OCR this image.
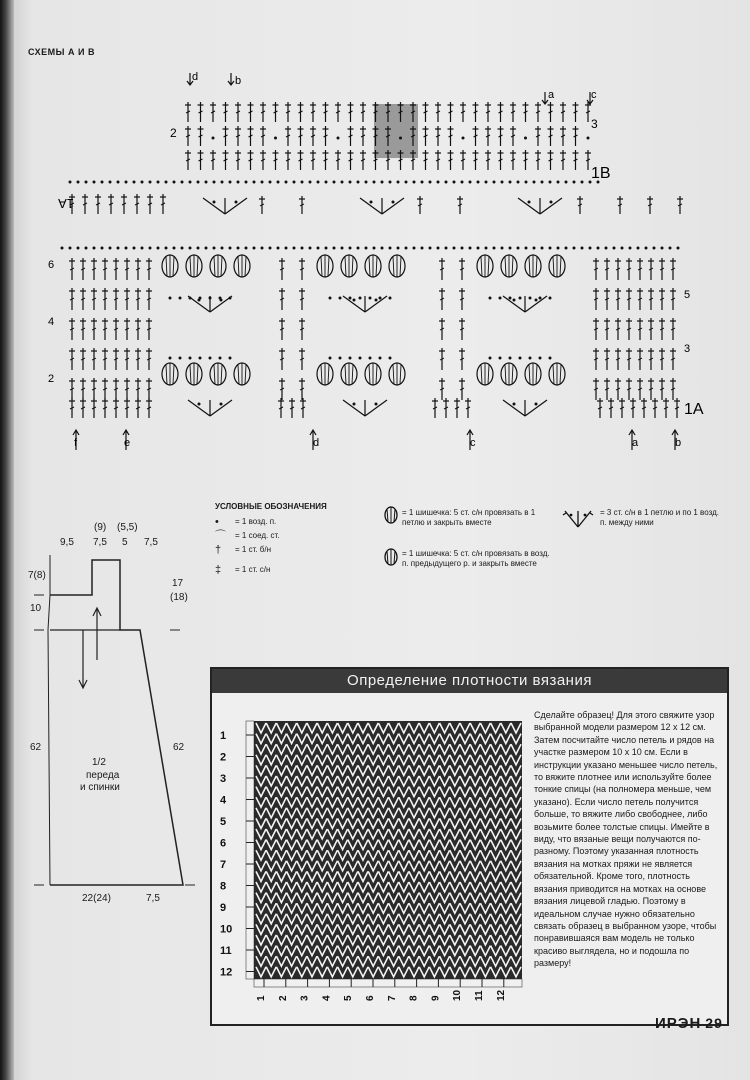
СХЕМЫ А И В
d	b
a	c
2
3
1B
1A
6
4
2
5
3
1A
f	e	d	c	a	b
УСЛОВНЫЕ ОБОЗНАЧЕНИЯ
• = 1 возд. п.
⌒ = 1 соед. ст.
† = 1 ст. б/н
‡ = 1 ст. с/н
= 1 шишечка: 5 ст. с/н провязать в 1 петлю и закрыть вместе
= 1 шишечка: 5 ст. с/н провязать в возд. п. предыдущего р. и закрыть вместе
= 3 ст. с/н в 1 петлю и по 1 возд. п. между ними
(9) (5,5)
9,5 7,5 5 7,5
7(8)
10
62
17
(18)
62
22(24)	7,5
1/2
переда
и спинки
Определение плотности вязания
1
2
3
4
5
6
7
8
9
10
11
12
1 2 3 4 5 6 7 8 9 10 11 12
Сделайте образец! Для этого свяжите узор выбранной модели размером 12 x 12 см. Затем посчитайте число петель и рядов на участке размером 10 x 10 см. Если в инструкции указано меньшее число петель, то вяжите плотнее или используйте более тонкие спицы (на полномера меньше, чем указано). Если число петель получится больше, то вяжите либо свободнее, либо возьмите более толстые спицы. Имейте в виду, что вязаные вещи получаются по-разному. Поэтому указанная плотность вязания на мотках пряжи не является обязательной. Кроме того, плотность вязания приводится на мотках на основе вязания лицевой гладью. Поэтому в идеальном случае нужно обязательно связать образец в выбранном узоре, чтобы понравившаяся вам модель не только красиво выглядела, но и подошла по размеру!
ИРЭН 29
